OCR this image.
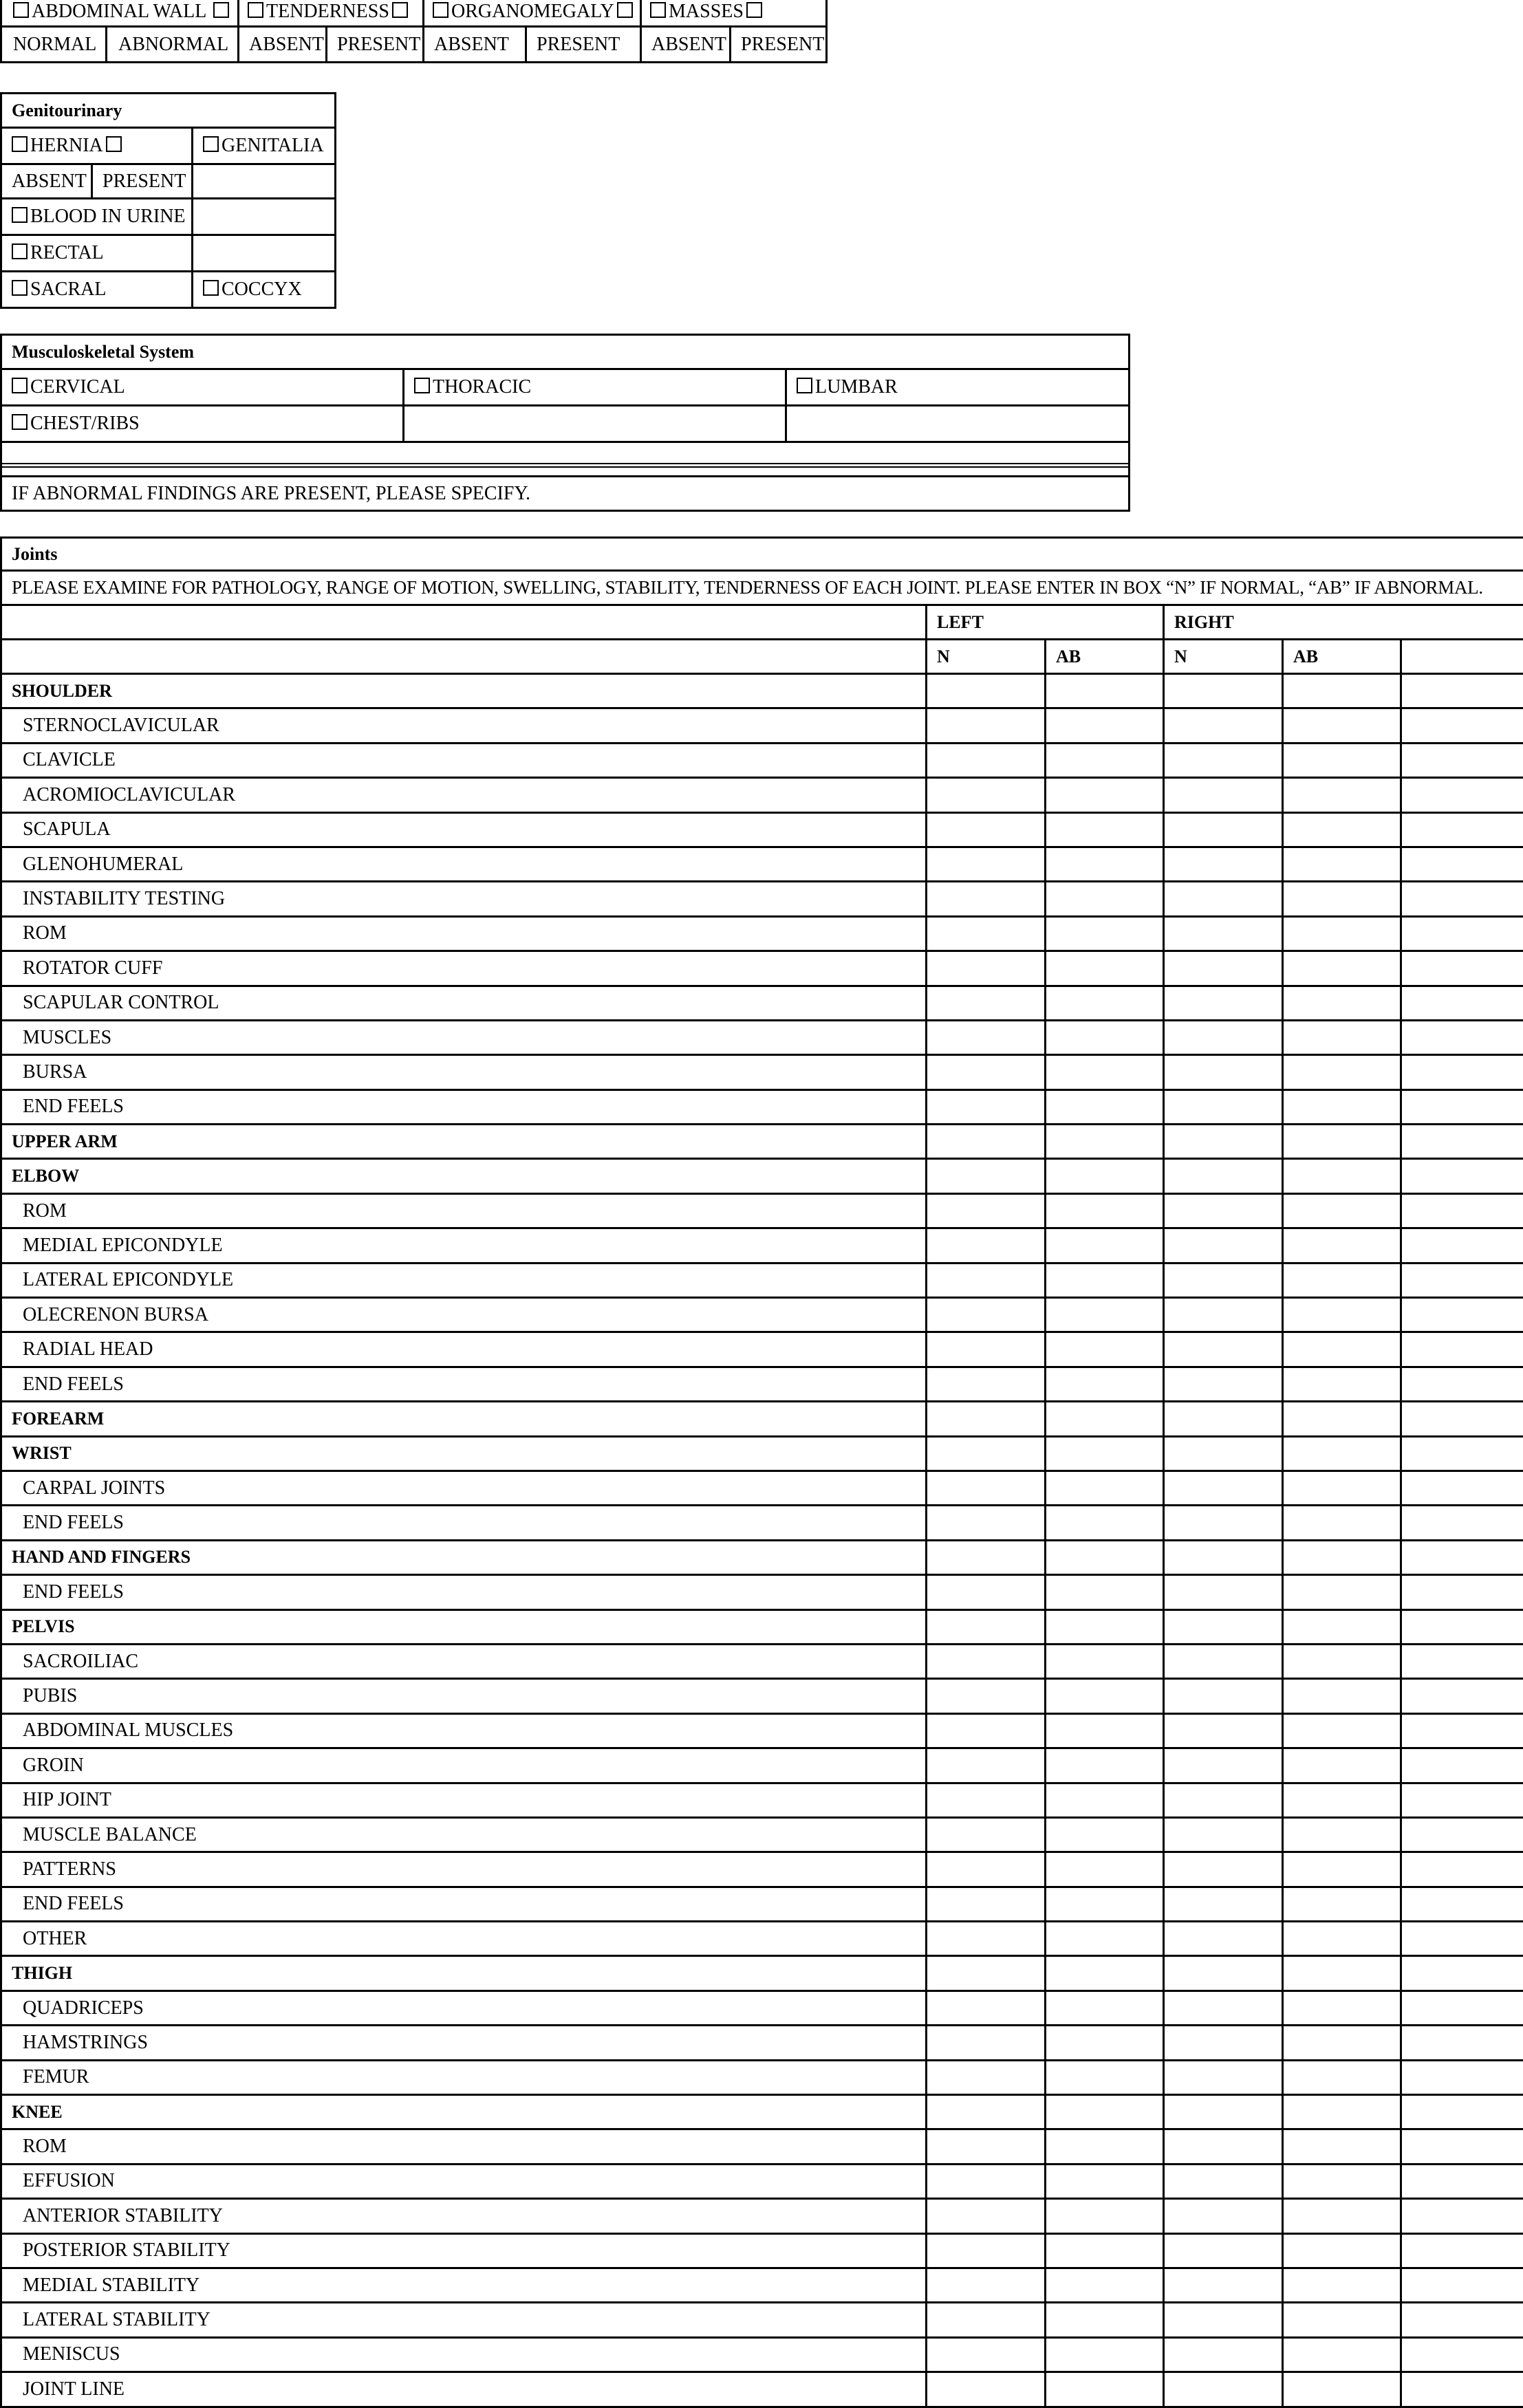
ABDOMINAL WALL		TENDERNESS		ORGANOMEGALY		MASSES	
NORMAL	ABNORMAL	ABSENT	PRESENT	ABSENT	PRESENT	ABSENT	PRESENT
Genitourinary		
HERNIA		GENITALIA
ABSENT	PRESENT	
BLOOD IN URINE		
RECTAL		
SACRAL		COCCYX
Musculoskeletal System		
CERVICAL	THORACIC	LUMBAR
CHEST/RIBS		

IF ABNORMAL FINDINGS ARE PRESENT, PLEASE SPECIFY.		
Joints					
PLEASE EXAMINE FOR PATHOLOGY, RANGE OF MOTION, SWELLING, STABILITY, TENDERNESS OF EACH JOINT. PLEASE ENTER IN BOX “N” IF NORMAL, “AB” IF ABNORMAL.					
	LEFT		RIGHT		
	N	AB	N	AB	
SHOULDER					
STERNOCLAVICULAR					
CLAVICLE					
ACROMIOCLAVICULAR					
SCAPULA					
GLENOHUMERAL					
INSTABILITY TESTING					
ROM					
ROTATOR CUFF					
SCAPULAR CONTROL					
MUSCLES					
BURSA					
END FEELS					
UPPER ARM					
ELBOW					
ROM					
MEDIAL EPICONDYLE					
LATERAL EPICONDYLE					
OLECRENON BURSA					
RADIAL HEAD					
END FEELS					
FOREARM					
WRIST					
CARPAL JOINTS					
END FEELS					
HAND AND FINGERS					
END FEELS					
PELVIS					
SACROILIAC					
PUBIS					
ABDOMINAL MUSCLES					
GROIN					
HIP JOINT					
MUSCLE BALANCE					
PATTERNS					
END FEELS					
OTHER					
THIGH					
QUADRICEPS					
HAMSTRINGS					
FEMUR					
KNEE					
ROM					
EFFUSION					
ANTERIOR STABILITY					
POSTERIOR STABILITY					
MEDIAL STABILITY					
LATERAL STABILITY					
MENISCUS					
JOINT LINE					
